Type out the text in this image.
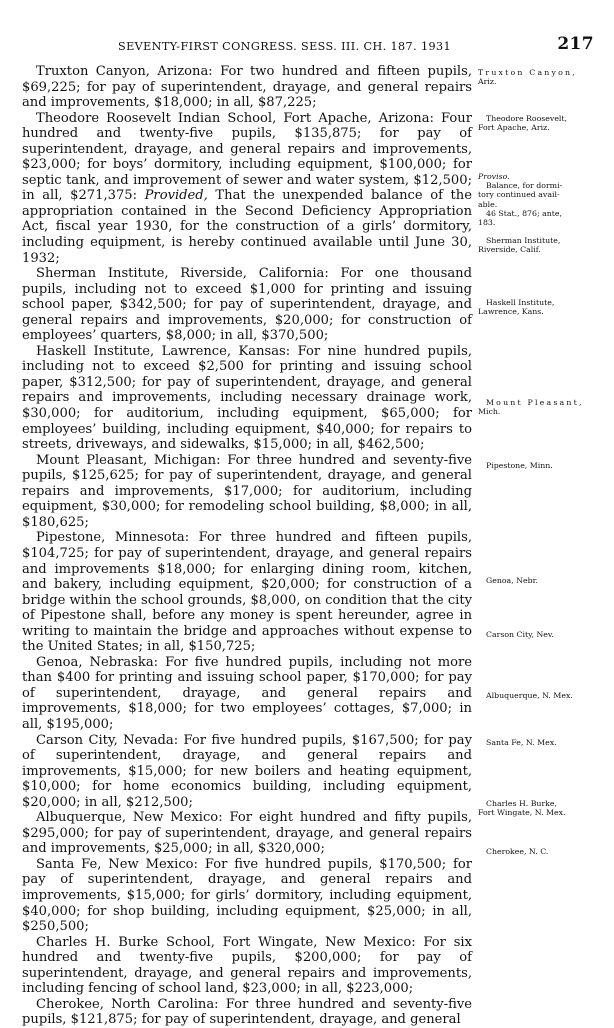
SEVENTY-FIRST CONGRESS. SESS. III. CH. 187. 1931	217

Truxton Canyon, Arizona: For two hundred and fifteen pupils, $69,225; for pay of superintendent, drayage, and general repairs and improvements, $18,000; in all, $87,225;

Theodore Roosevelt Indian School, Fort Apache, Arizona: Four hundred and twenty-five pupils, $135,875; for pay of superintendent, drayage, and general repairs and improvements, $23,000; for boys’ dormitory, including equipment, $100,000; for septic tank, and improvement of sewer and water system, $12,500; in all, $271,375: Provided, That the unexpended balance of the appropriation contained in the Second Deficiency Appropriation Act, fiscal year 1930, for the construction of a girls’ dormitory, including equipment, is hereby continued available until June 30, 1932;

Sherman Institute, Riverside, California: For one thousand pupils, including not to exceed $1,000 for printing and issuing school paper, $342,500; for pay of superintendent, drayage, and general repairs and improvements, $20,000; for construction of employees’ quarters, $8,000; in all, $370,500;

Haskell Institute, Lawrence, Kansas: For nine hundred pupils, including not to exceed $2,500 for printing and issuing school paper, $312,500; for pay of superintendent, drayage, and general repairs and improvements, including necessary drainage work, $30,000; for auditorium, including equipment, $65,000; for employees’ building, including equipment, $40,000; for repairs to streets, driveways, and sidewalks, $15,000; in all, $462,500;

Mount Pleasant, Michigan: For three hundred and seventy-five pupils, $125,625; for pay of superintendent, drayage, and general repairs and improvements, $17,000; for auditorium, including equipment, $30,000; for remodeling school building, $8,000; in all, $180,625;

Pipestone, Minnesota: For three hundred and fifteen pupils, $104,725; for pay of superintendent, drayage, and general repairs and improvements $18,000; for enlarging dining room, kitchen, and bakery, including equipment, $20,000; for construction of a bridge within the school grounds, $8,000, on condition that the city of Pipestone shall, before any money is spent hereunder, agree in writing to maintain the bridge and approaches without expense to the United States; in all, $150,725;

Genoa, Nebraska: For five hundred pupils, including not more than $400 for printing and issuing school paper, $170,000; for pay of superintendent, drayage, and general repairs and improvements, $18,000; for two employees’ cottages, $7,000; in all, $195,000;

Carson City, Nevada: For five hundred pupils, $167,500; for pay of superintendent, drayage, and general repairs and improvements, $15,000; for new boilers and heating equipment, $10,000; for home economics building, including equipment, $20,000; in all, $212,500;

Albuquerque, New Mexico: For eight hundred and fifty pupils, $295,000; for pay of superintendent, drayage, and general repairs and improvements, $25,000; in all, $320,000;

Santa Fe, New Mexico: For five hundred pupils, $170,500; for pay of superintendent, drayage, and general repairs and improvements, $15,000; for girls’ dormitory, including equipment, $40,000; for shop building, including equipment, $25,000; in all, $250,500;

Charles H. Burke School, Fort Wingate, New Mexico: For six hundred and twenty-five pupils, $200,000; for pay of superintendent, drayage, and general repairs and improvements, including fencing of school land, $23,000; in all, $223,000;

Cherokee, North Carolina: For three hundred and seventy-five pupils, $121,875; for pay of superintendent, drayage, and general

Truxton Canyon,
Ariz.
Theodore Roosevelt,
Fort Apache, Ariz.
Proviso.
Balance, for dormi-
tory continued avail-
able.
46 Stat., 876; ante,
183.
Sherman Institute,
Riverside, Calif.
Haskell Institute,
Lawrence, Kans.
Mount Pleasant,
Mich.
Pipestone, Minn.
Genoa, Nebr.
Carson City, Nev.
Albuquerque, N. Mex.
Santa Fe, N. Mex.
Charles H. Burke,
Fort Wingate, N. Mex.
Cherokee, N. C.
